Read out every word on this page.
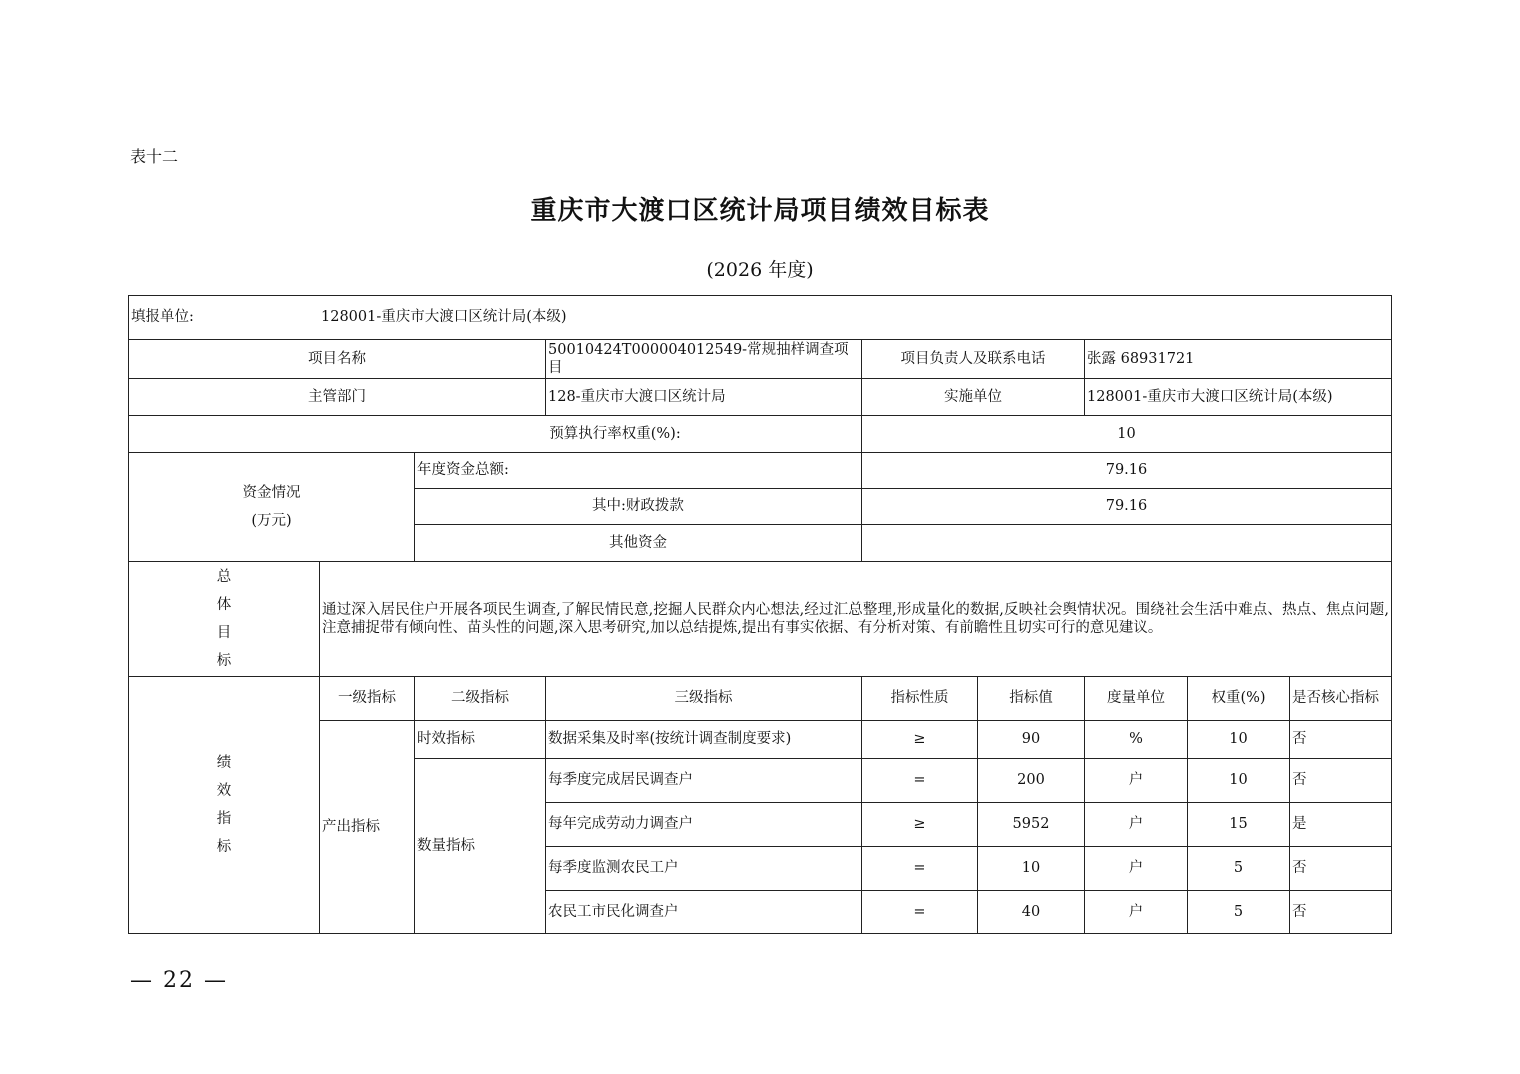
表十二
重庆市大渡口区统计局项目绩效目标表
(2026 年度)
填报单位: 128001-重庆市大渡口区统计局(本级)								
项目名称			50010424T000004012549-常规抽样调查项目	项目负责人及联系电话		张露 68931721		
主管部门			128-重庆市大渡口区统计局	实施单位		128001-重庆市大渡口区统计局(本级)		
预算执行率权重(%):				10				

资金情况
(万元)		年度资金总额:		79.16				
		其中:财政拨款		79.16				
		其他资金						

总
体
目
标	通过深入居民住户开展各项民生调查,了解民情民意,挖掘人民群众内心想法,经过汇总整理,形成量化的数据,反映社会舆情状况。围绕社会生活中难点、热点、焦点问题,注意捕捉带有倾向性、苗头性的问题,深入思考研究,加以总结提炼,提出有事实依据、有分析对策、有前瞻性且切实可行的意见建议。							

绩
效
指
标	一级指标	二级指标	三级指标	指标性质	指标值	度量单位	权重(%)	是否核心指标
	产出指标	时效指标	数据采集及时率(按统计调查制度要求)	≥	90	%	10	否
		数量指标	每季度完成居民调查户	=	200	户	10	否
			每年完成劳动力调查户	≥	5952	户	15	是
			每季度监测农民工户	=	10	户	5	否
			农民工市民化调查户	=	40	户	5	否
— 22 —
